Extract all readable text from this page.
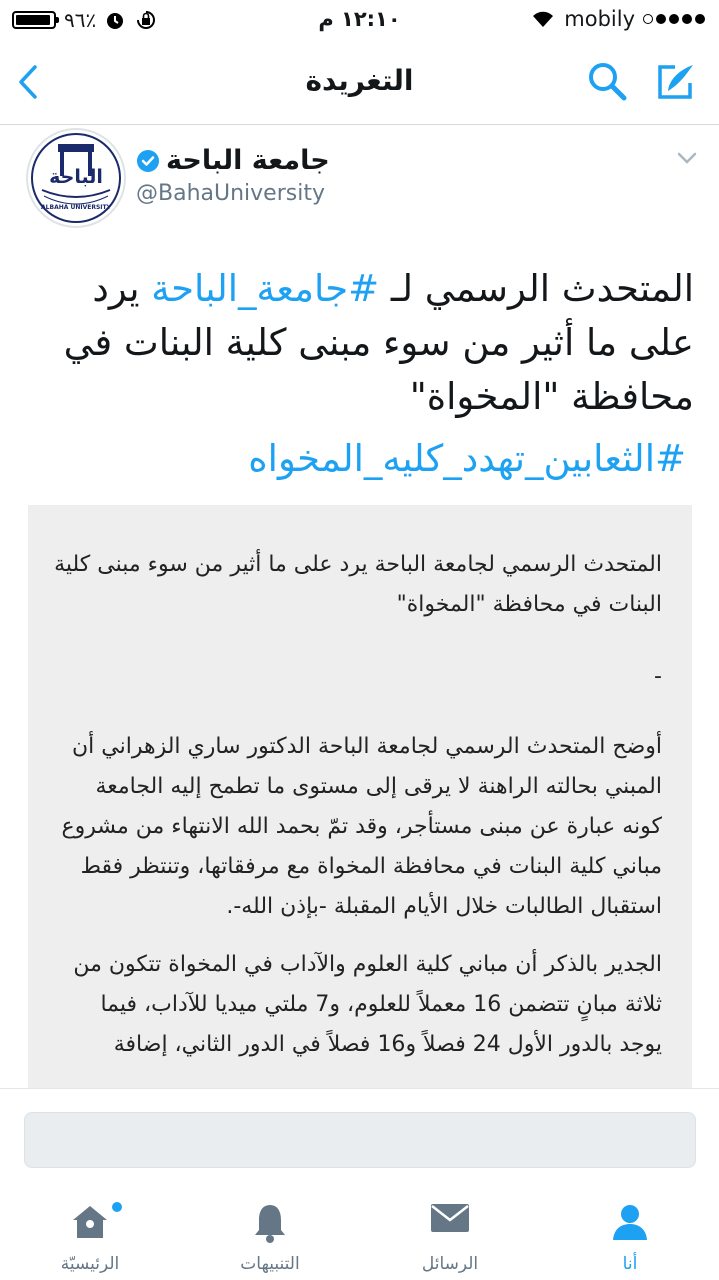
٩٦٪	١٢:١٠ م	mobily
التغريدة
الباحة
ALBAHA UNIVERSITY
جامعة الباحة
@BahaUniversity
المتحدث الرسمي لـ #جامعة_الباحة يرد على ما أثير من سوء مبنى كلية البنات في محافظة "المخواة"
#الثعابين_تهدد_كليه_المخواه

المتحدث الرسمي لجامعة الباحة يرد على ما أثير من سوء مبنى كلية البنات في محافظة "المخواة"

-

أوضح المتحدث الرسمي لجامعة الباحة الدكتور ساري الزهراني أن المبني بحالته الراهنة لا يرقى إلى مستوى ما تطمح إليه الجامعة كونه عبارة عن مبنى مستأجر، وقد تمّ بحمد الله الانتهاء من مشروع مباني كلية البنات في محافظة المخواة مع مرفقاتها، وتنتظر فقط استقبال الطالبات خلال الأيام المقبلة -بإذن الله-.

الجدير بالذكر أن مباني كلية العلوم والآداب في المخواة تتكون من ثلاثة مبانٍ تتضمن 16 معملاً للعلوم، و7 ملتي ميديا للآداب، فيما يوجد بالدور الأول 24 فصلاً و16 فصلاً في الدور الثاني، إضافة

الرئيسيّة	التنبيهات	الرسائل	أنا
